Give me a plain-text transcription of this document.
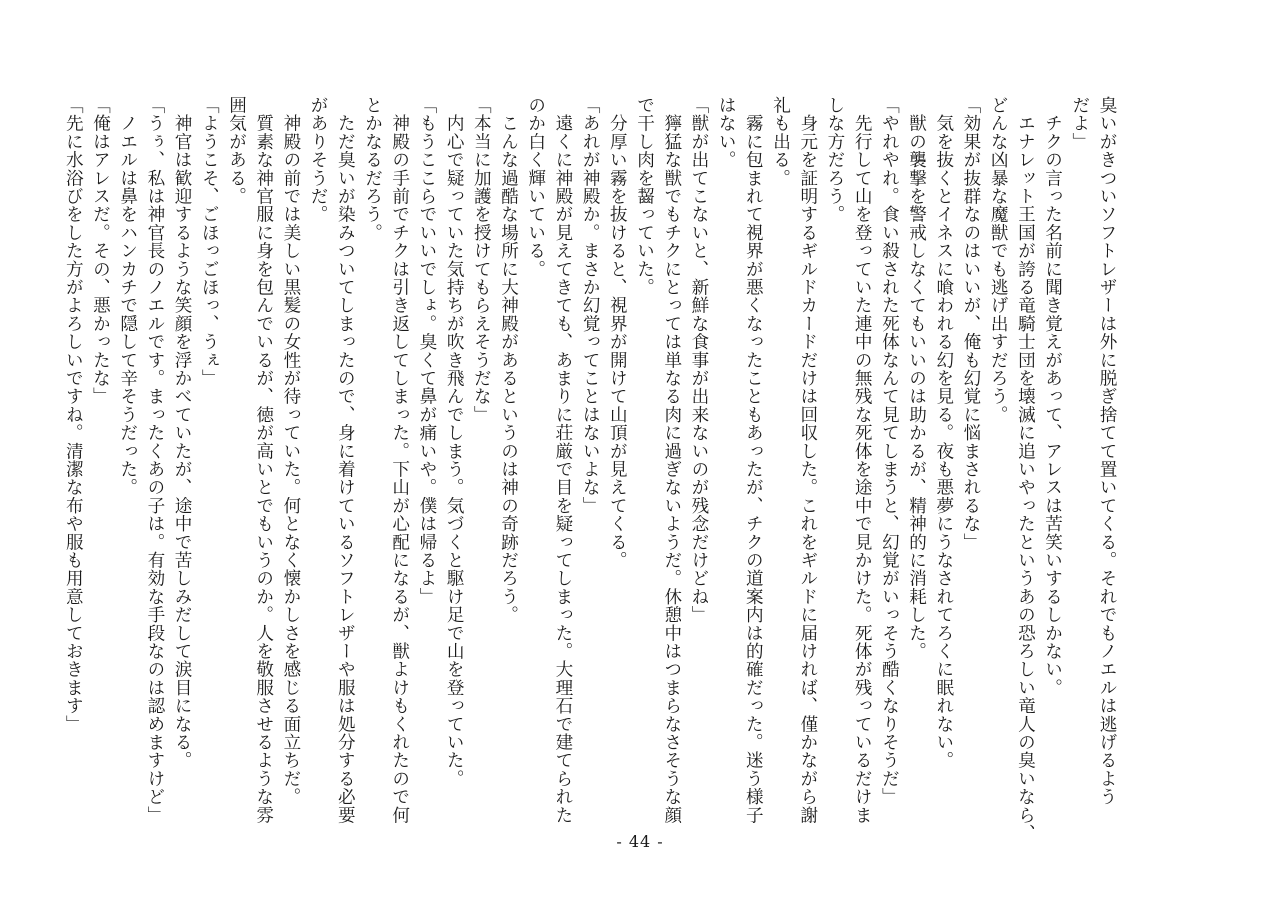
臭いがきついソフトレザーは外に脱ぎ捨てて置いてくる。それでもノエルは逃げるよう

だよ」

　チクの言った名前に聞き覚えがあって、アレスは苦笑いするしかない。

　エナレット王国が誇る竜騎士団を壊滅に追いやったというあの恐ろしい竜人の臭いなら、

どんな凶暴な魔獣でも逃げ出すだろう。

「効果が抜群なのはいいが、俺も幻覚に悩まされるな」

　気を抜くとイネスに喰われる幻を見る。夜も悪夢にうなされてろくに眠れない。

　獣の襲撃を警戒しなくてもいいのは助かるが、精神的に消耗した。

「やれやれ。食い殺された死体なんて見てしまうと、幻覚がいっそう酷くなりそうだ」

　先行して山を登っていた連中の無残な死体を途中で見かけた。死体が残っているだけま

しな方だろう。

　身元を証明するギルドカードだけは回収した。これをギルドに届ければ、僅かながら謝

礼も出る。

　霧に包まれて視界が悪くなったこともあったが、チクの道案内は的確だった。迷う様子

はない。

「獣が出てこないと、新鮮な食事が出来ないのが残念だけどね」

　獰猛な獣でもチクにとっては単なる肉に過ぎないようだ。休憩中はつまらなさそうな顔

で干し肉を齧っていた。

　分厚い霧を抜けると、視界が開けて山頂が見えてくる。

「あれが神殿か。まさか幻覚ってことはないよな」

　遠くに神殿が見えてきても、あまりに荘厳で目を疑ってしまった。大理石で建てられた

のか白く輝いている。

　こんな過酷な場所に大神殿があるというのは神の奇跡だろう。

「本当に加護を授けてもらえそうだな」

　内心で疑っていた気持ちが吹き飛んでしまう。気づくと駆け足で山を登っていた。

「もうここらでいいでしょ。臭くて鼻が痛いや。僕は帰るよ」

　神殿の手前でチクは引き返してしまった。下山が心配になるが、獣よけもくれたので何

とかなるだろう。

　ただ臭いが染みついてしまったので、身に着けているソフトレザーや服は処分する必要

がありそうだ。

　神殿の前では美しい黒髪の女性が待っていた。何となく懐かしさを感じる面立ちだ。

　質素な神官服に身を包んでいるが、徳が高いとでもいうのか。人を敬服させるような雰

囲気がある。

「ようこそ、ごほっごほっ、うぇ」

　神官は歓迎するような笑顔を浮かべていたが、途中で苦しみだして涙目になる。

「うぅ、私は神官長のノエルです。まったくあの子は。有効な手段なのは認めますけど」

　ノエルは鼻をハンカチで隠して辛そうだった。

「俺はアレスだ。その、悪かったな」

「先に水浴びをした方がよろしいですね。清潔な布や服も用意しておきます」

- 44 -
